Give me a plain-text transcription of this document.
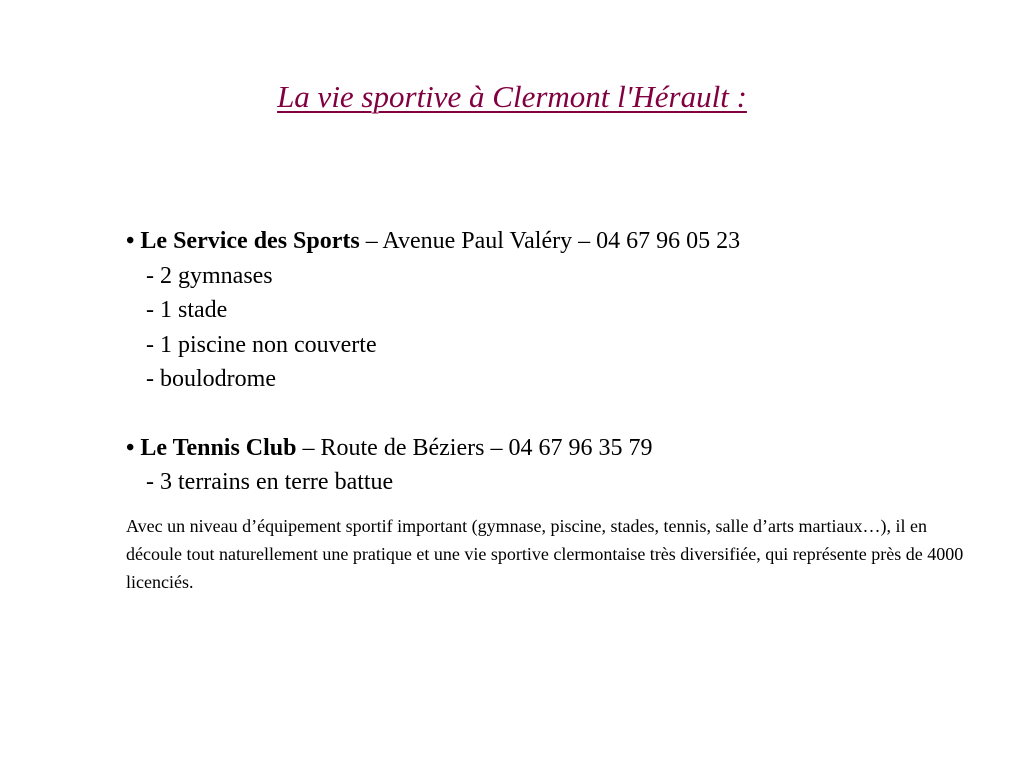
La vie sportive à Clermont l'Hérault :
• Le Service des Sports – Avenue Paul Valéry – 04 67 96 05 23
- 2 gymnases
- 1 stade
- 1 piscine non couverte
- boulodrome
• Le Tennis Club – Route de Béziers – 04 67 96 35 79
- 3 terrains en terre battue

Avec un niveau d’équipement sportif important (gymnase, piscine, stades, tennis, salle d’arts martiaux…), il en découle tout naturellement une pratique et une vie sportive clermontaise très diversifiée, qui représente près de 4000 licenciés.
